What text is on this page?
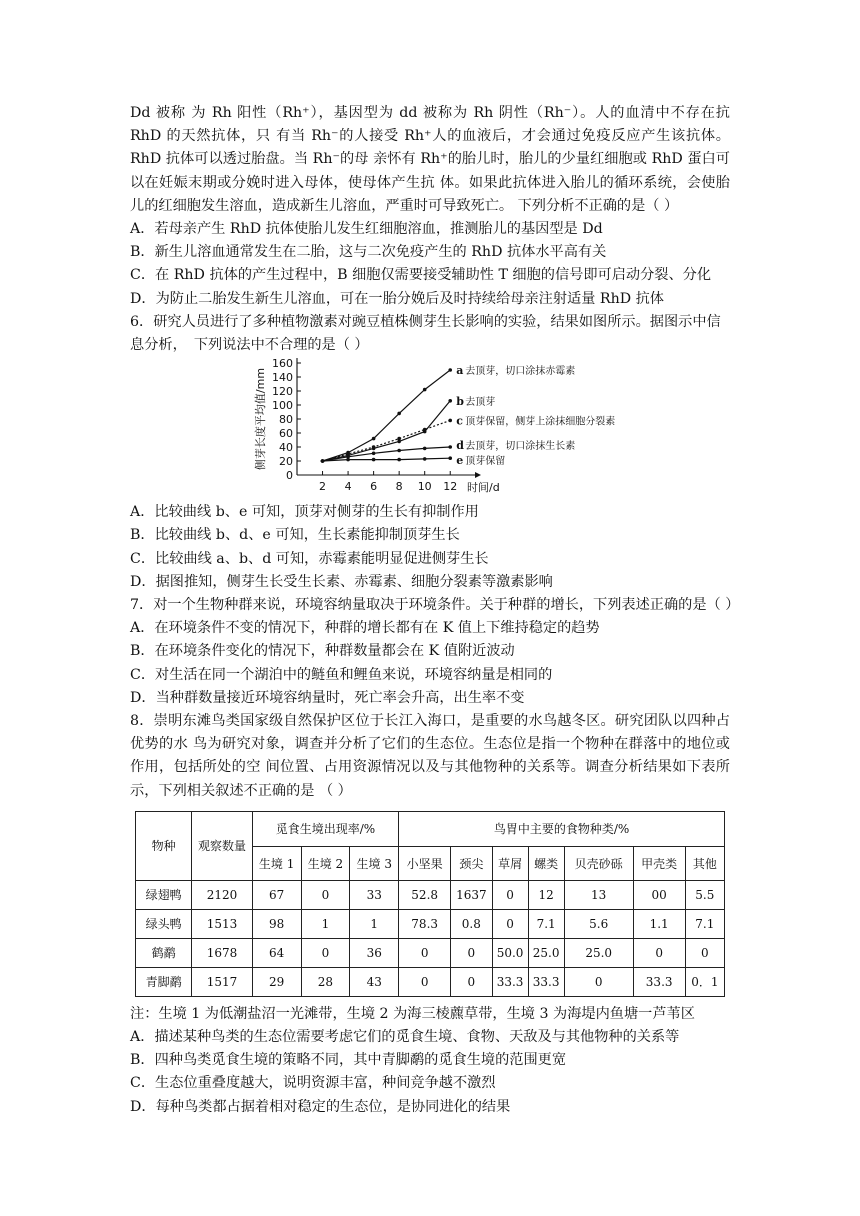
Dd 被称 为 Rh 阳性（Rh⁺），基因型为 dd 被称为 Rh 阴性（Rh⁻）。人的血清中不存在抗 RhD 的天然抗体，只 有当 Rh⁻的人接受 Rh⁺人的血液后，才会通过免疫反应产生该抗体。RhD 抗体可以透过胎盘。当 Rh⁻的母 亲怀有 Rh⁺的胎儿时，胎儿的少量红细胞或 RhD 蛋白可以在妊娠末期或分娩时进入母体，使母体产生抗 体。如果此抗体进入胎儿的循环系统，会使胎儿的红细胞发生溶血，造成新生儿溶血，严重时可导致死亡。 下列分析不正确的是（ ）

A．若母亲产生 RhD 抗体使胎儿发生红细胞溶血，推测胎儿的基因型是 Dd

B．新生儿溶血通常发生在二胎，这与二次免疫产生的 RhD 抗体水平高有关

C．在 RhD 抗体的产生过程中，B 细胞仅需要接受辅助性 T 细胞的信号即可启动分裂、分化

D．为防止二胎发生新生儿溶血，可在一胎分娩后及时持续给母亲注射适量 RhD 抗体

6．研究人员进行了多种植物激素对豌豆植株侧芽生长影响的实验，结果如图所示。据图示中信

息分析，　下列说法中不合理的是（ ）

0
20
40
60
80
100
120
140
160
2 4 6 8 10 12 时间/d
侧芽长度平均值/mm	a 去顶芽，切口涂抹赤霉素
b 去顶芽
c 顶芽保留，侧芽上涂抹细胞分裂素
d 去顶芽，切口涂抹生长素
e 顶芽保留

A．比较曲线 b、e 可知，顶芽对侧芽的生长有抑制作用

B．比较曲线 b、d、e 可知，生长素能抑制顶芽生长

C．比较曲线 a、b、d 可知，赤霉素能明显促进侧芽生长

D．据图推知，侧芽生长受生长素、赤霉素、细胞分裂素等激素影响

7．对一个生物种群来说，环境容纳量取决于环境条件。关于种群的增长，下列表述正确的是（ ）

A．在环境条件不变的情况下，种群的增长都有在 K 值上下维持稳定的趋势

B．在环境条件变化的情况下，种群数量都会在 K 值附近波动

C．对生活在同一个湖泊中的鲢鱼和鲤鱼来说，环境容纳量是相同的

D．当种群数量接近环境容纳量时，死亡率会升高，出生率不变

8．崇明东滩鸟类国家级自然保护区位于长江入海口，是重要的水鸟越冬区。研究团队以四种占优势的水 鸟为研究对象，调查并分析了它们的生态位。生态位是指一个物种在群落中的地位或作用，包括所处的空 间位置、占用资源情况以及与其他物种的关系等。调查分析结果如下表所示，下列相关叙述不正确的是 （ ）

物种	观察数量	觅食生境出现率/%			鸟胃中主要的食物种类/%						
		生境 1	生境 2	生境 3	小坚果	颈尖	草屑	螺类	贝壳砂砾	甲壳类	其他
绿翅鸭	2120	67	0	33	52.8	1637	0	12	13	00	5.5
绿头鸭	1513	98	1	1	78.3	0.8	0	7.1	5.6	1.1	7.1
鹤鹬	1678	64	0	36	0	0	50.0	25.0	25.0	0	0
青脚鹬	1517	29	28	43	0	0	33.3	33.3	0	33.3	0．1

注：生境 1 为低潮盐沼一光滩带，生境 2 为海三棱藨草带，生境 3 为海堤内鱼塘一芦苇区

A．描述某种鸟类的生态位需要考虑它们的觅食生境、食物、天敌及与其他物种的关系等

B．四种鸟类觅食生境的策略不同，其中青脚鹬的觅食生境的范围更宽

C．生态位重叠度越大，说明资源丰富，种间竞争越不激烈

D．每种鸟类都占据着相对稳定的生态位，是协同进化的结果
